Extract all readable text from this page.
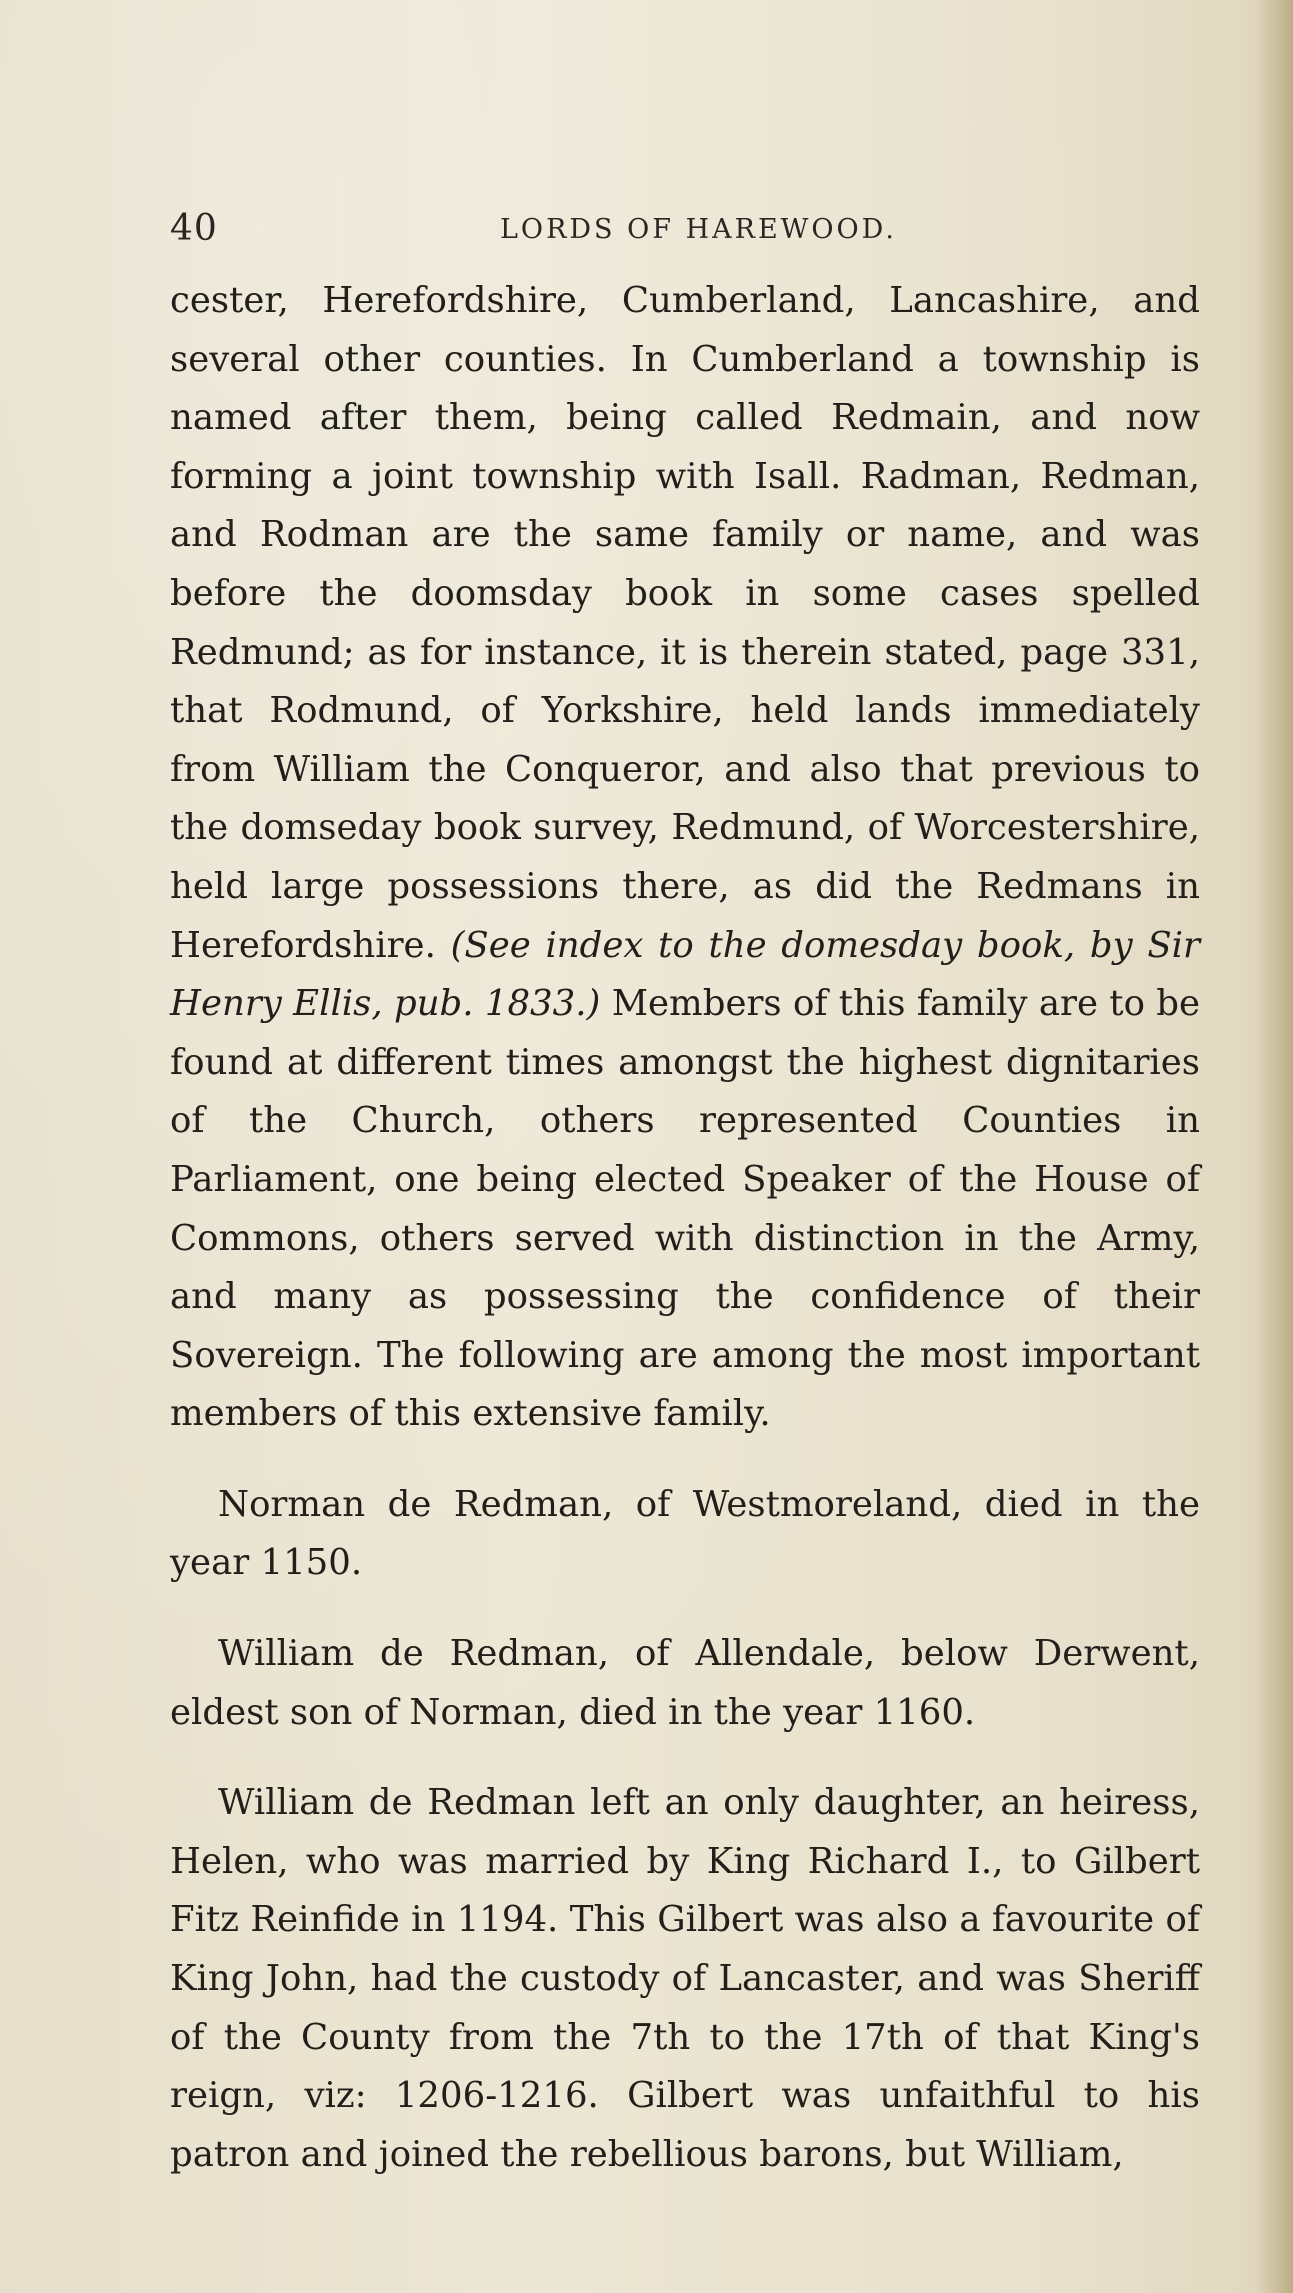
40	LORDS OF HAREWOOD.

cester, Herefordshire, Cumberland, Lancashire, and several other counties. In Cumberland a township is named after them, being called Redmain, and now forming a joint township with Isall. Radman, Redman, and Rodman are the same family or name, and was before the doomsday book in some cases spelled Redmund; as for instance, it is therein stated, page 331, that Rodmund, of Yorkshire, held lands immediately from William the Conqueror, and also that previous to the domseday book survey, Redmund, of Worcestershire, held large possessions there, as did the Redmans in Herefordshire. (See index to the domesday book, by Sir Henry Ellis, pub. 1833.) Members of this family are to be found at different times amongst the highest dignitaries of the Church, others represented Counties in Parliament, one being elected Speaker of the House of Commons, others served with distinction in the Army, and many as possessing the confidence of their Sovereign. The following are among the most important members of this extensive family.

Norman de Redman, of Westmoreland, died in the year 1150.

William de Redman, of Allendale, below Derwent, eldest son of Norman, died in the year 1160.

William de Redman left an only daughter, an heiress, Helen, who was married by King Richard I., to Gilbert Fitz Reinfide in 1194. This Gilbert was also a favourite of King John, had the custody of Lancaster, and was Sheriff of the County from the 7th to the 17th of that King's reign, viz: 1206-1216. Gilbert was unfaithful to his patron and joined the rebellious barons, but William,
